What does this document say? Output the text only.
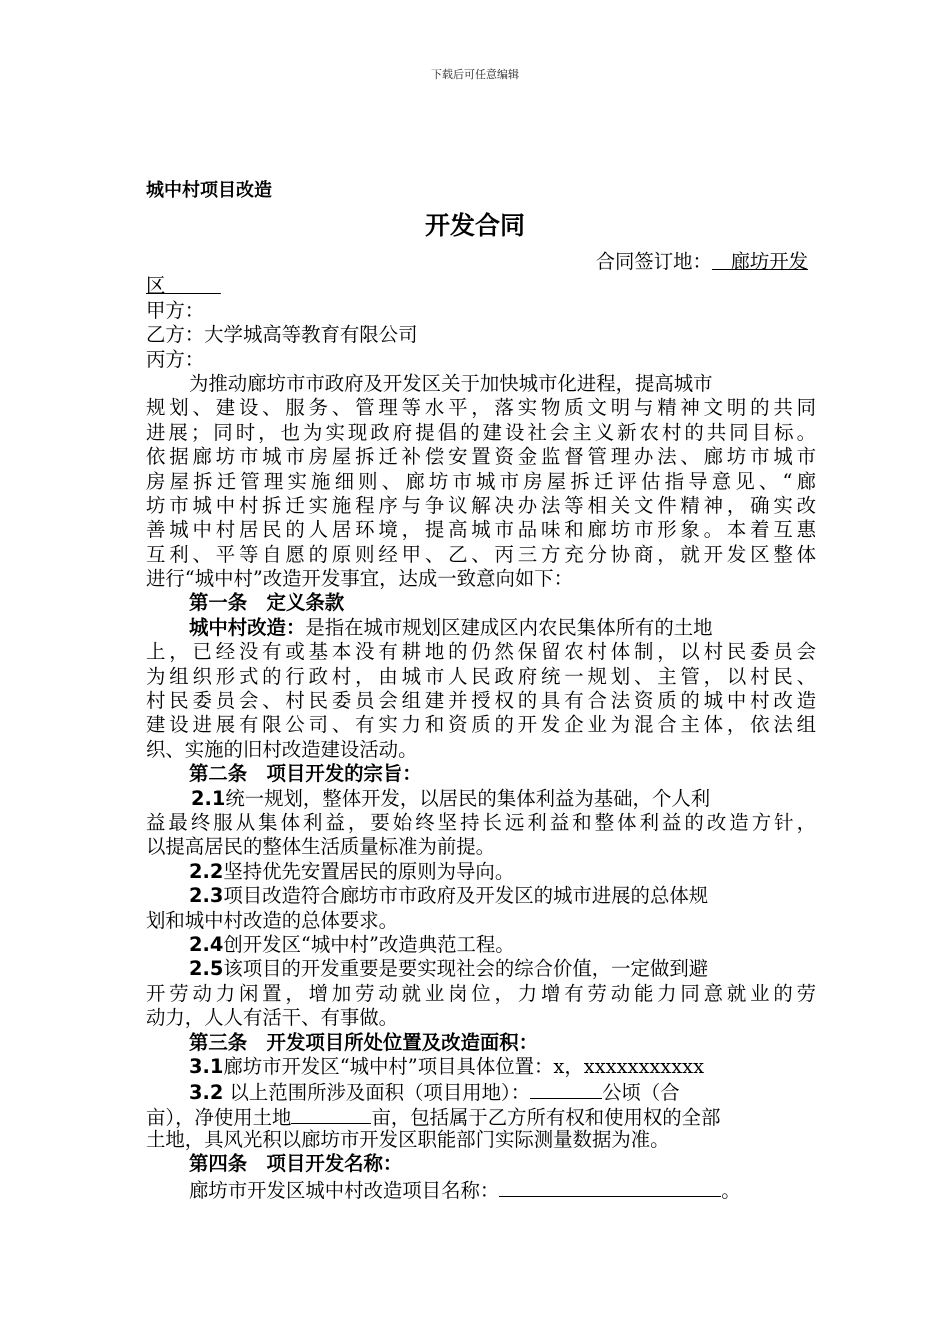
下载后可任意编辑
城中村项目改造
开发合同
合同签订地： 廊坊开发
区
甲方：
乙方：大学城高等教育有限公司
丙方：
为推动廊坊市市政府及开发区关于加快城市化进程，提高城市
规划、建设、服务、管理等水平，落实物质文明与精神文明的共同
进展；同时，也为实现政府提倡的建设社会主义新农村的共同目标。
依据廊坊市城市房屋拆迁补偿安置资金监督管理办法、廊坊市城市
房屋拆迁管理实施细则、廊坊市城市房屋拆迁评估指导意见、“廊
坊市城中村拆迁实施程序与争议解决办法等相关文件精神，确实改
善城中村居民的人居环境，提高城市品味和廊坊市形象。本着互惠
互利、平等自愿的原则经甲、乙、丙三方充分协商，就开发区整体
进行“城中村”改造开发事宜，达成一致意向如下：
第一条　定义条款
城中村改造：是指在城市规划区建成区内农民集体所有的土地
上，已经没有或基本没有耕地的仍然保留农村体制，以村民委员会
为组织形式的行政村，由城市人民政府统一规划、主管，以村民、
村民委员会、村民委员会组建并授权的具有合法资质的城中村改造
建设进展有限公司、有实力和资质的开发企业为混合主体，依法组
织、实施的旧村改造建设活动。
第二条　项目开发的宗旨：
2.1统一规划，整体开发，以居民的集体利益为基础，个人利
益最终服从集体利益，要始终坚持长远利益和整体利益的改造方针，
以提高居民的整体生活质量标准为前提。
2.2坚持优先安置居民的原则为导向。
2.3项目改造符合廊坊市市政府及开发区的城市进展的总体规
划和城中村改造的总体要求。
2.4创开发区“城中村”改造典范工程。
2.5该项目的开发重要是要实现社会的综合价值，一定做到避
开劳动力闲置，增加劳动就业岗位，力增有劳动能力同意就业的劳
动力，人人有活干、有事做。
第三条　开发项目所处位置及改造面积：
3.1廊坊市开发区“城中村”项目具体位置：x，xxxxxxxxxxx
3.2 以上范围所涉及面积（项目用地）：	公顷（合
亩），净使用土地	亩，包括属于乙方所有权和使用权的全部
土地，具风光积以廊坊市开发区职能部门实际测量数据为准。
第四条　项目开发名称：
廊坊市开发区城中村改造项目名称：	。
